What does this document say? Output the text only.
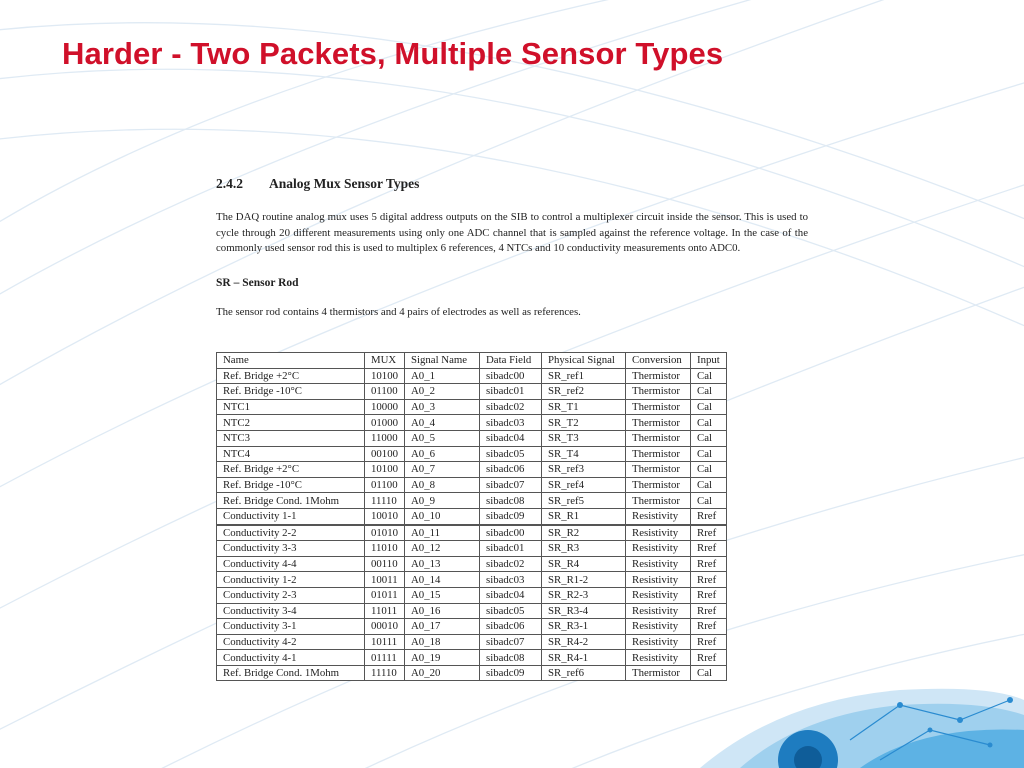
Harder - Two Packets, Multiple Sensor Types
2.4.2 Analog Mux Sensor Types

The DAQ routine analog mux uses 5 digital address outputs on the SIB to control a multiplexer circuit inside the sensor. This is used to cycle through 20 different measurements using only one ADC channel that is sampled against the reference voltage. In the case of the commonly used sensor rod this is used to multiplex 6 references, 4 NTCs and 10 conductivity measurements onto ADC0.

SR – Sensor Rod

The sensor rod contains 4 thermistors and 4 pairs of electrodes as well as references.

Name	MUX	Signal Name	Data Field	Physical Signal	Conversion	Input
Ref. Bridge +2°C	10100	A0_1	sibadc00	SR_ref1	Thermistor	Cal
Ref. Bridge -10°C	01100	A0_2	sibadc01	SR_ref2	Thermistor	Cal
NTC1	10000	A0_3	sibadc02	SR_T1	Thermistor	Cal
NTC2	01000	A0_4	sibadc03	SR_T2	Thermistor	Cal
NTC3	11000	A0_5	sibadc04	SR_T3	Thermistor	Cal
NTC4	00100	A0_6	sibadc05	SR_T4	Thermistor	Cal
Ref. Bridge +2°C	10100	A0_7	sibadc06	SR_ref3	Thermistor	Cal
Ref. Bridge -10°C	01100	A0_8	sibadc07	SR_ref4	Thermistor	Cal
Ref. Bridge Cond. 1Mohm	11110	A0_9	sibadc08	SR_ref5	Thermistor	Cal
Conductivity 1-1	10010	A0_10	sibadc09	SR_R1	Resistivity	Rref
Conductivity 2-2	01010	A0_11	sibadc00	SR_R2	Resistivity	Rref
Conductivity 3-3	11010	A0_12	sibadc01	SR_R3	Resistivity	Rref
Conductivity 4-4	00110	A0_13	sibadc02	SR_R4	Resistivity	Rref
Conductivity 1-2	10011	A0_14	sibadc03	SR_R1-2	Resistivity	Rref
Conductivity 2-3	01011	A0_15	sibadc04	SR_R2-3	Resistivity	Rref
Conductivity 3-4	11011	A0_16	sibadc05	SR_R3-4	Resistivity	Rref
Conductivity 3-1	00010	A0_17	sibadc06	SR_R3-1	Resistivity	Rref
Conductivity 4-2	10111	A0_18	sibadc07	SR_R4-2	Resistivity	Rref
Conductivity 4-1	01111	A0_19	sibadc08	SR_R4-1	Resistivity	Rref
Ref. Bridge Cond. 1Mohm	11110	A0_20	sibadc09	SR_ref6	Thermistor	Cal
